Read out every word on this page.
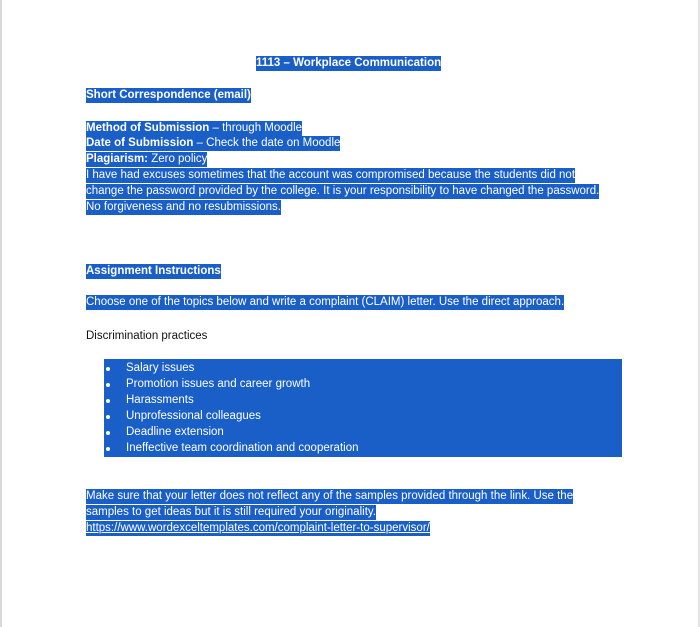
1113 – Workplace Communication
Short Correspondence (email)
Method of Submission – through Moodle
Date of Submission – Check the date on Moodle
Plagiarism: Zero policy
I have had excuses sometimes that the account was compromised because the students did not
change the password provided by the college. It is your responsibility to have changed the password.
No forgiveness and no resubmissions.
Assignment Instructions
Choose one of the topics below and write a complaint (CLAIM) letter. Use the direct approach.
Discrimination practices
Salary issues
Promotion issues and career growth
Harassments
Unprofessional colleagues
Deadline extension
Ineffective team coordination and cooperation
Make sure that your letter does not reflect any of the samples provided through the link. Use the
samples to get ideas but it is still required your originality.
https://www.wordexceltemplates.com/complaint-letter-to-supervisor/
